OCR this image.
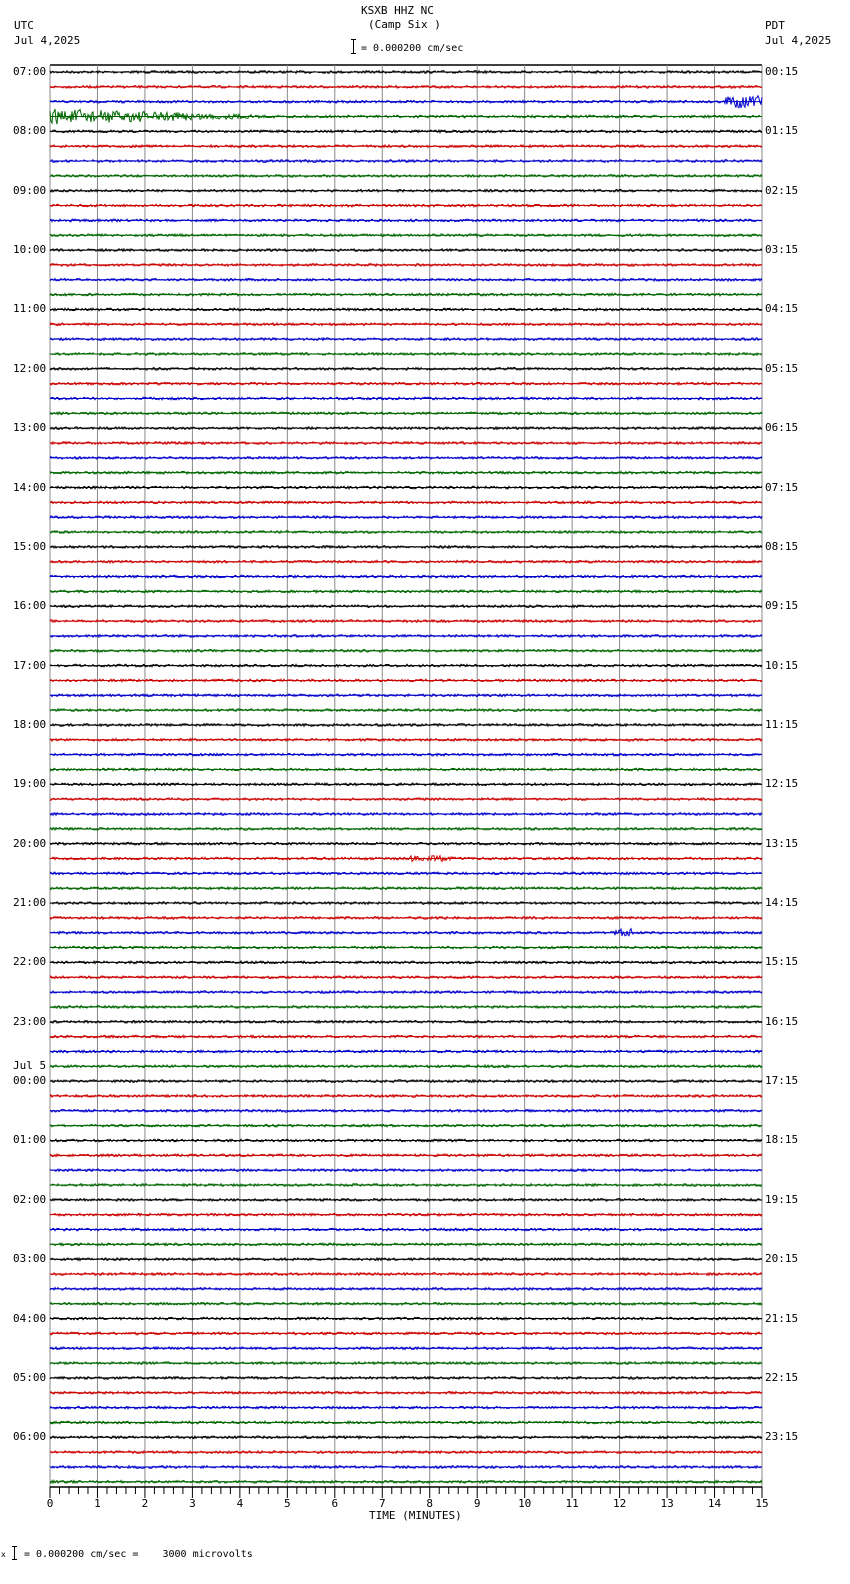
KSXB HHZ NC
(Camp Six )
UTC
Jul 4,2025
PDT
Jul 4,2025
= 0.000200 cm/sec
0	1	2	3	4	5	6	7	8	9	10	11	12	13	14	15
07:00
08:00
09:00
10:00
11:00
12:00
13:00
14:00
15:00
16:00
17:00
18:00
19:00
20:00
21:00
22:00
23:00
00:00
01:00
02:00
03:00
04:00
05:00
06:00
00:15
01:15
02:15
03:15
04:15
05:15
06:15
07:15
08:15
09:15
10:15
11:15
12:15
13:15
14:15
15:15
16:15
17:15
18:15
19:15
20:15
21:15
22:15
23:15
Jul 5
TIME (MINUTES)
x = 0.000200 cm/sec =    3000 microvolts
